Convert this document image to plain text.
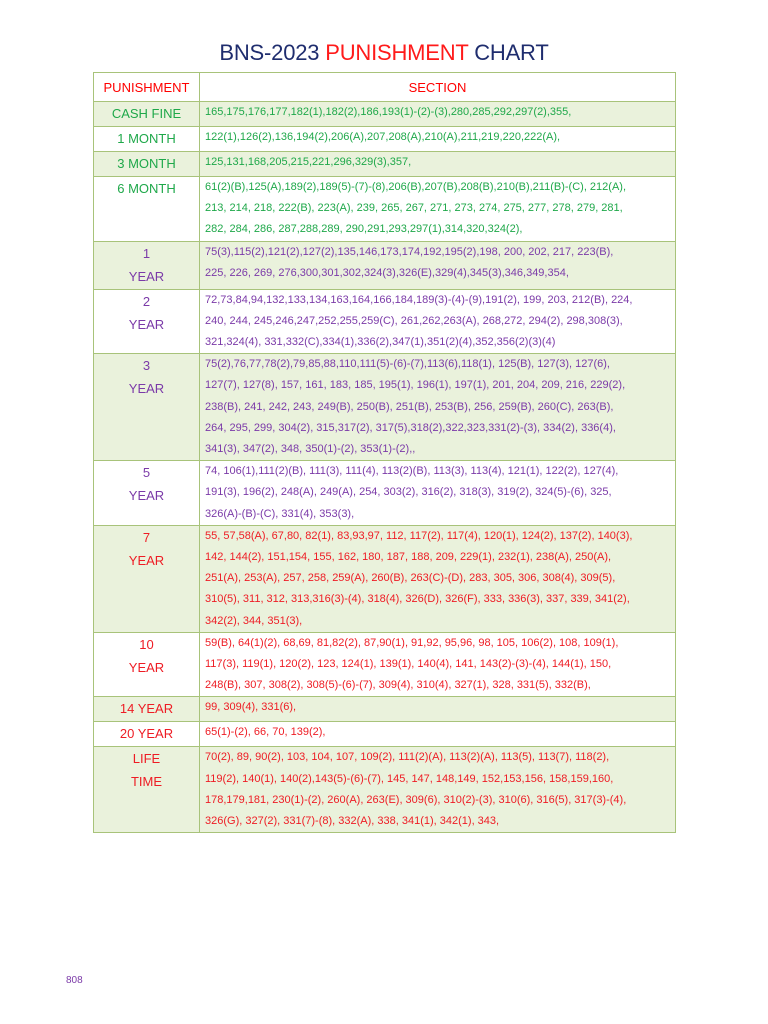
BNS-2023 PUNISHMENT CHART
PUNISHMENT	SECTION

CASH FINE	165,175,176,177,182(1),182(2),186,193(1)-(2)-(3),280,285,292,297(2),355,

1 MONTH	122(1),126(2),136,194(2),206(A),207,208(A),210(A),211,219,220,222(A),

3 MONTH	125,131,168,205,215,221,296,329(3),357,

6 MONTH	61(2)(B),125(A),189(2),189(5)-(7)-(8),206(B),207(B),208(B),210(B),211(B)-(C), 212(A),
213, 214, 218, 222(B), 223(A), 239, 265, 267, 271, 273, 274, 275, 277, 278, 279, 281,
282, 284, 286, 287,288,289, 290,291,293,297(1),314,320,324(2),

1
YEAR	75(3),115(2),121(2),127(2),135,146,173,174,192,195(2),198, 200, 202, 217, 223(B),
225, 226, 269, 276,300,301,302,324(3),326(E),329(4),345(3),346,349,354,

2
YEAR	72,73,84,94,132,133,134,163,164,166,184,189(3)-(4)-(9),191(2), 199, 203, 212(B), 224,
240, 244, 245,246,247,252,255,259(C), 261,262,263(A), 268,272, 294(2), 298,308(3),
321,324(4), 331,332(C),334(1),336(2),347(1),351(2)(4),352,356(2)(3)(4)

3
YEAR	75(2),76,77,78(2),79,85,88,110,111(5)-(6)-(7),113(6),118(1), 125(B), 127(3), 127(6),
127(7), 127(8), 157, 161, 183, 185, 195(1), 196(1), 197(1), 201, 204, 209, 216, 229(2),
238(B), 241, 242, 243, 249(B), 250(B), 251(B), 253(B), 256, 259(B), 260(C), 263(B),
264, 295, 299, 304(2), 315,317(2), 317(5),318(2),322,323,331(2)-(3), 334(2), 336(4),
341(3), 347(2), 348, 350(1)-(2), 353(1)-(2),,

5
YEAR	74, 106(1),111(2)(B), 111(3), 111(4), 113(2)(B), 113(3), 113(4), 121(1), 122(2), 127(4),
191(3), 196(2), 248(A), 249(A), 254, 303(2), 316(2), 318(3), 319(2), 324(5)-(6), 325,
326(A)-(B)-(C), 331(4), 353(3),

7
YEAR	55, 57,58(A), 67,80, 82(1), 83,93,97, 112, 117(2), 117(4), 120(1), 124(2), 137(2), 140(3),
142, 144(2), 151,154, 155, 162, 180, 187, 188, 209, 229(1), 232(1), 238(A), 250(A),
251(A), 253(A), 257, 258, 259(A), 260(B), 263(C)-(D), 283, 305, 306, 308(4), 309(5),
310(5), 311, 312, 313,316(3)-(4), 318(4), 326(D), 326(F), 333, 336(3), 337, 339, 341(2),
342(2), 344, 351(3),

10
YEAR	59(B), 64(1)(2), 68,69, 81,82(2), 87,90(1), 91,92, 95,96, 98, 105, 106(2), 108, 109(1),
117(3), 119(1), 120(2), 123, 124(1), 139(1), 140(4), 141, 143(2)-(3)-(4), 144(1), 150,
248(B), 307, 308(2), 308(5)-(6)-(7), 309(4), 310(4), 327(1), 328, 331(5), 332(B),

14 YEAR	99, 309(4), 331(6),

20 YEAR	65(1)-(2), 66, 70, 139(2),

LIFE
TIME	70(2), 89, 90(2), 103, 104, 107, 109(2), 111(2)(A), 113(2)(A), 113(5), 113(7), 118(2),
119(2), 140(1), 140(2),143(5)-(6)-(7), 145, 147, 148,149, 152,153,156, 158,159,160,
178,179,181, 230(1)-(2), 260(A), 263(E), 309(6), 310(2)-(3), 310(6), 316(5), 317(3)-(4),
326(G), 327(2), 331(7)-(8), 332(A), 338, 341(1), 342(1), 343,
808
